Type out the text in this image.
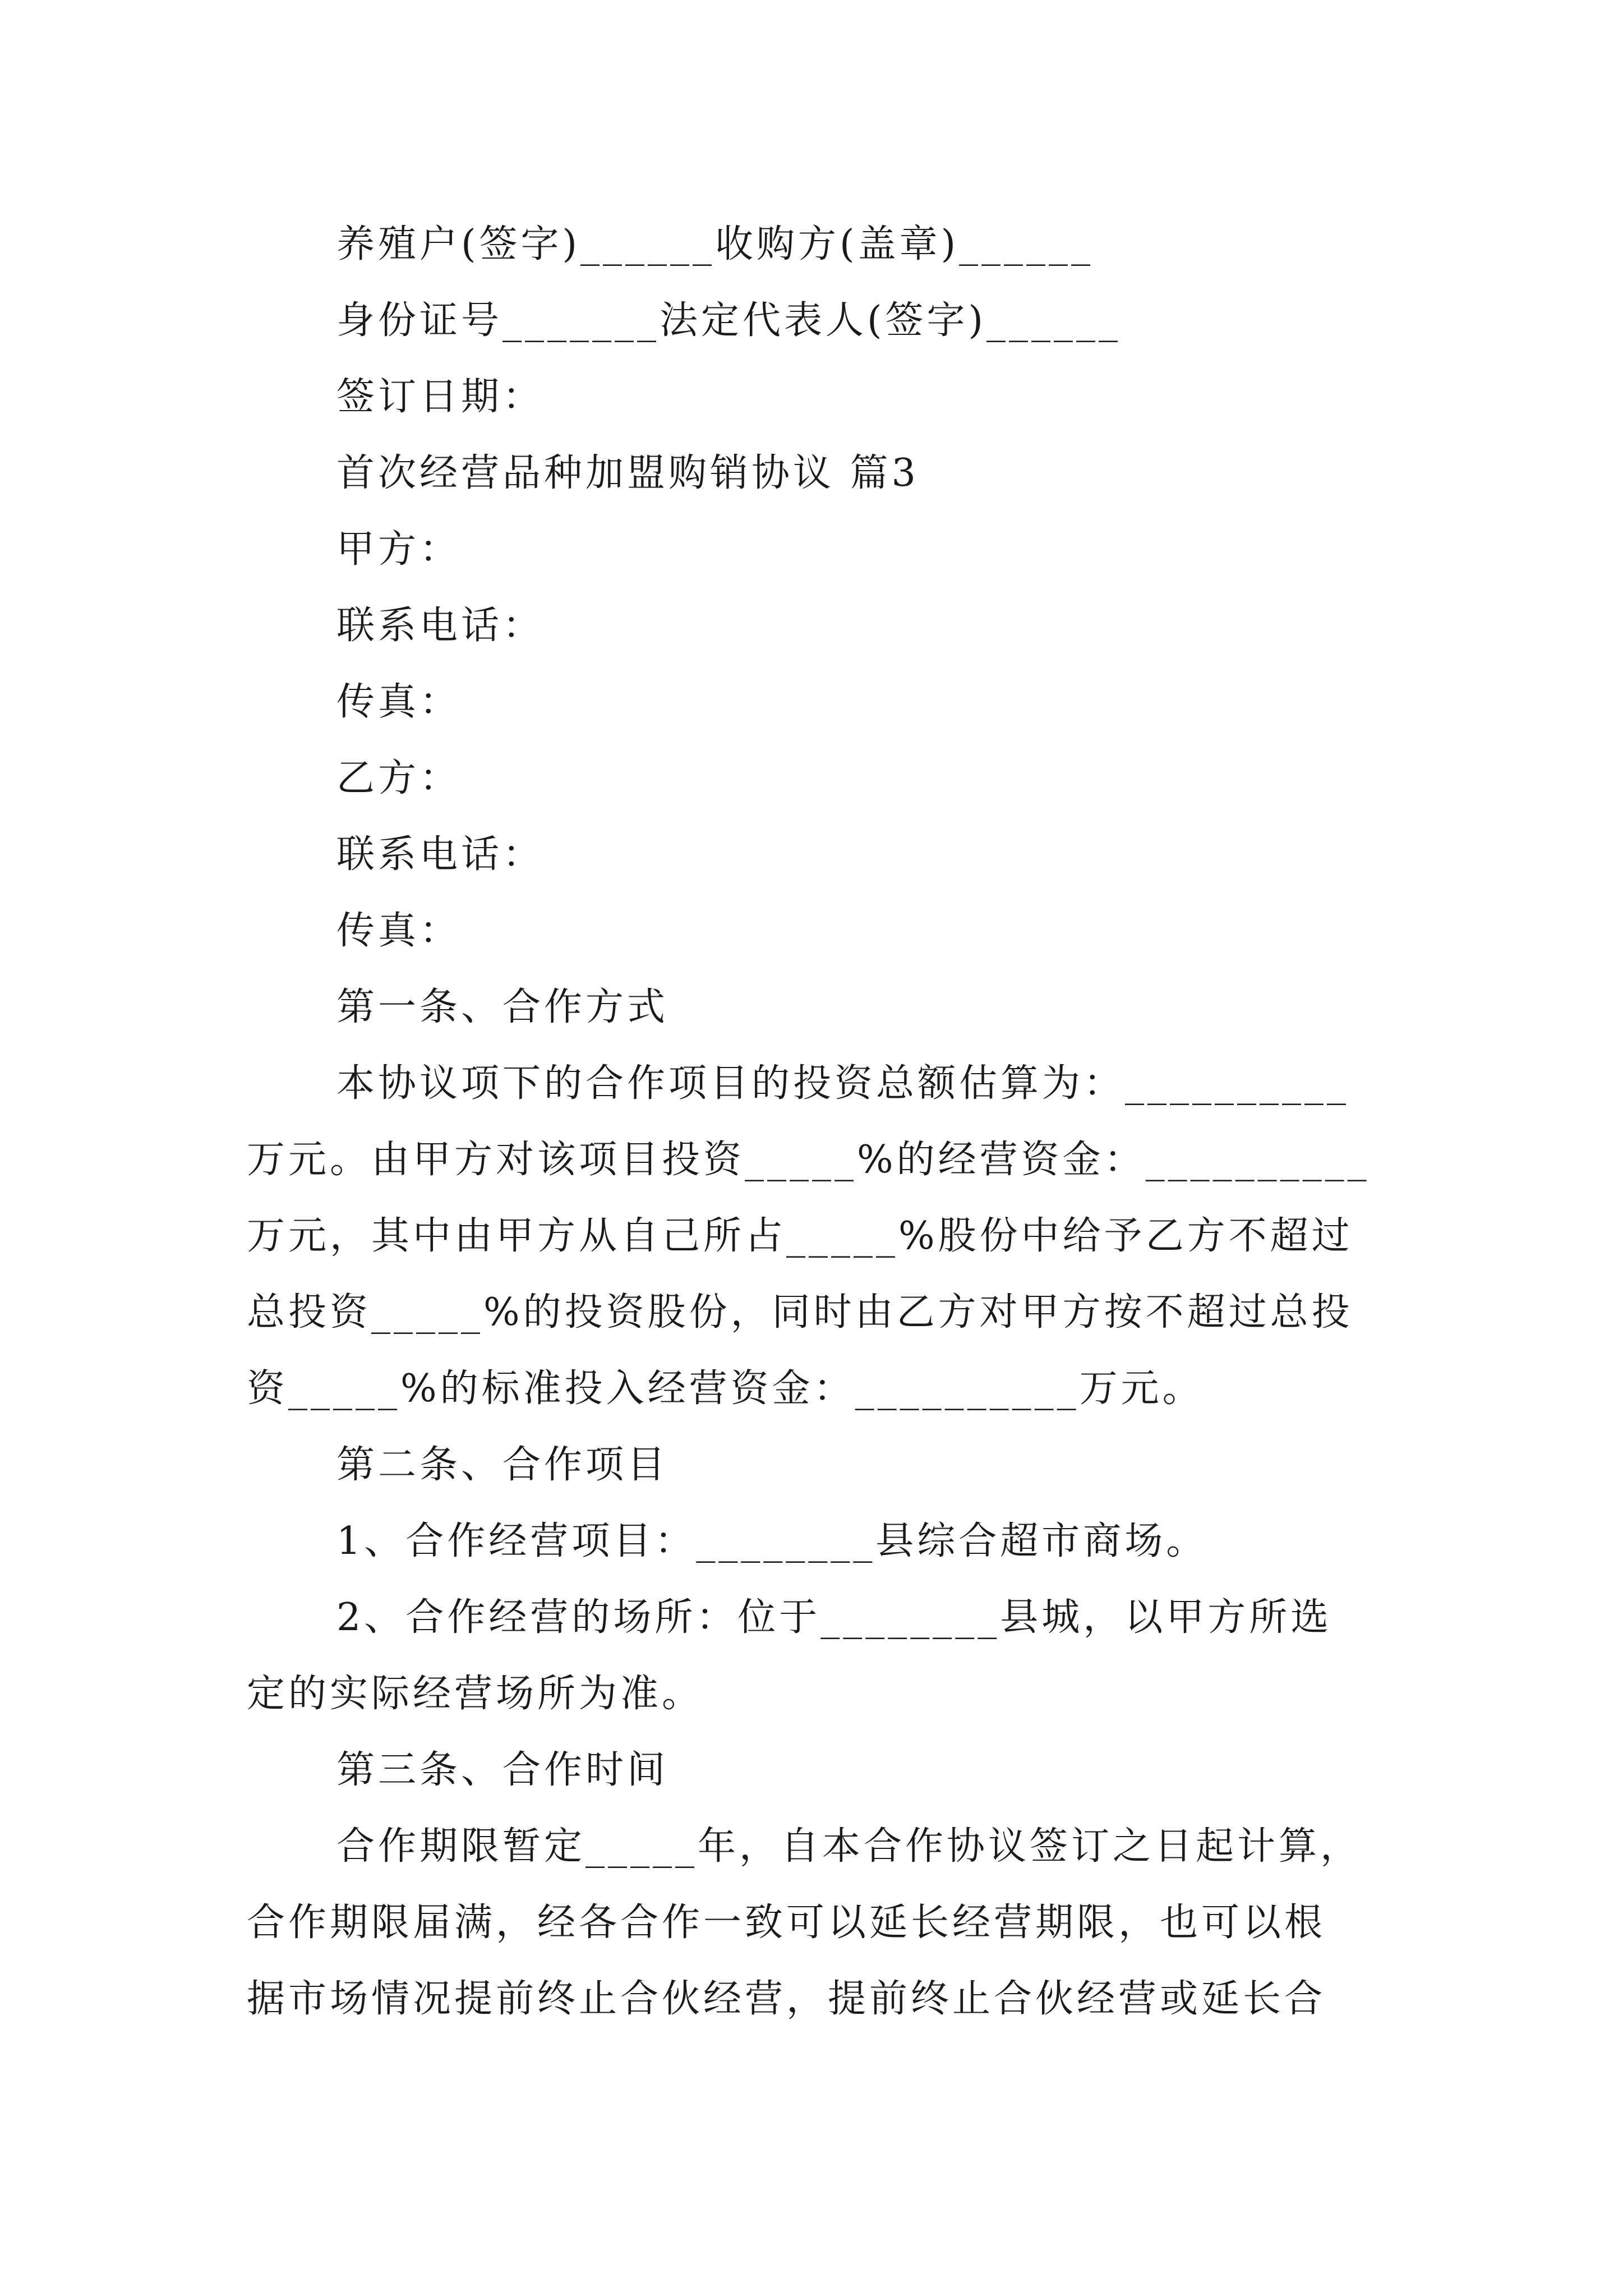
养殖户(签字)______收购方(盖章)______
身份证号_______法定代表人(签字)______
签订日期：
首次经营品种加盟购销协议 篇3
甲方：
联系电话：
传真：
乙方：
联系电话：
传真：
第一条、合作方式
本协议项下的合作项目的投资总额估算为：__________
万元。由甲方对该项目投资_____%的经营资金：__________
万元，其中由甲方从自己所占_____%股份中给予乙方不超过
总投资_____%的投资股份，同时由乙方对甲方按不超过总投
资_____%的标准投入经营资金：__________万元。
第二条、合作项目
1、合作经营项目：________县综合超市商场。
2、合作经营的场所：位于________县城，以甲方所选
定的实际经营场所为准。
第三条、合作时间
合作期限暂定_____年，自本合作协议签订之日起计算，
合作期限届满，经各合作一致可以延长经营期限，也可以根
据市场情况提前终止合伙经营，提前终止合伙经营或延长合
